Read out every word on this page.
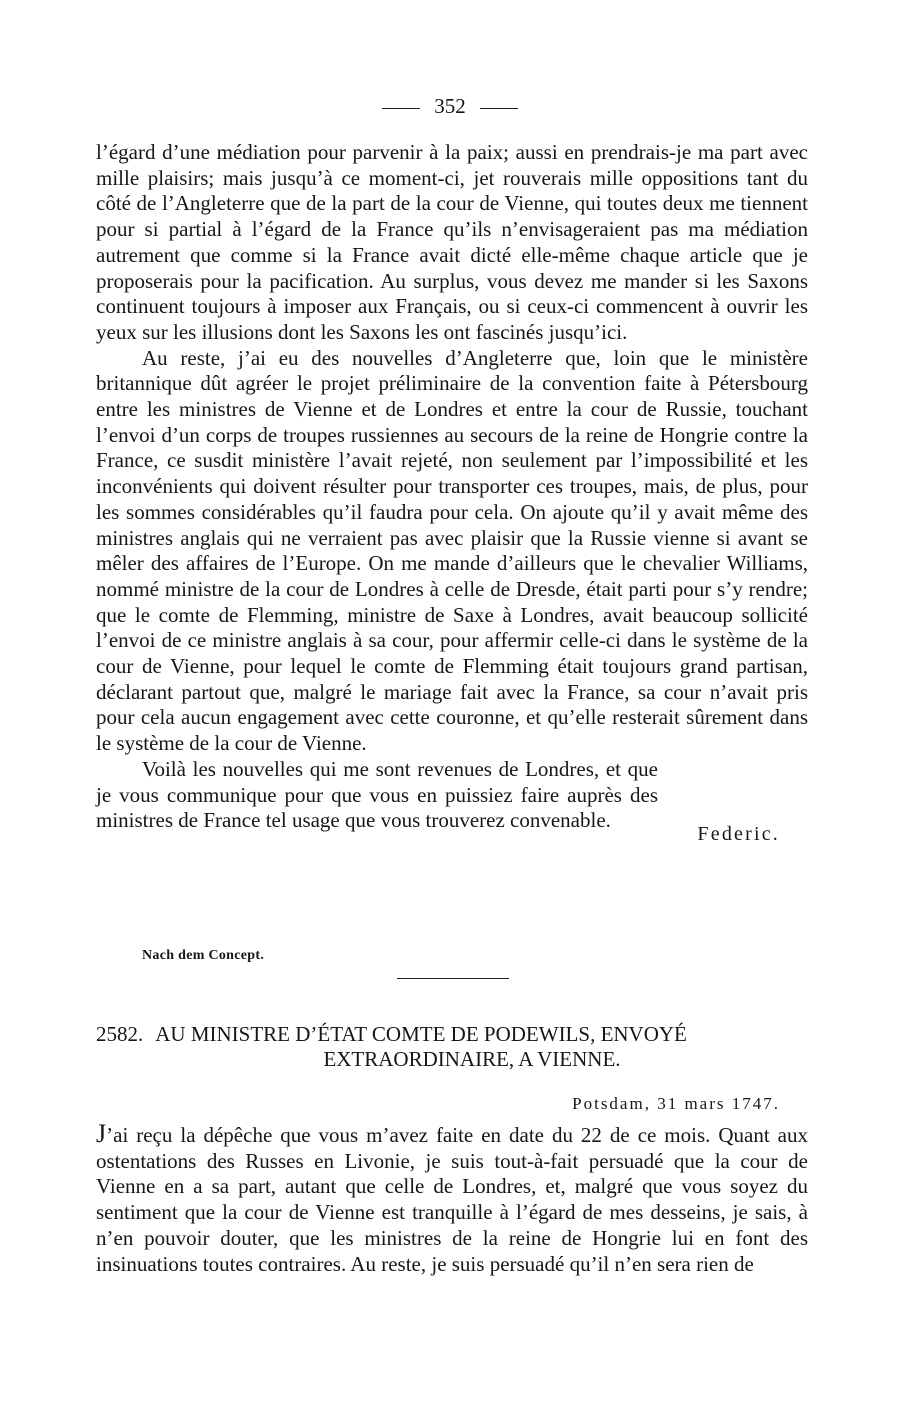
352

l’égard d’une médiation pour parvenir à la paix; aussi en prendrais-je ma part avec mille plaisirs; mais jusqu’à ce moment-ci, jet rouverais mille oppositions tant du côté de l’Angleterre que de la part de la cour de Vienne, qui toutes deux me tiennent pour si partial à l’égard de la France qu’ils n’envisageraient pas ma médiation autrement que comme si la France avait dicté elle-même chaque article que je proposerais pour la pacification. Au surplus, vous devez me mander si les Saxons continuent toujours à imposer aux Français, ou si ceux-ci commencent à ouvrir les yeux sur les illusions dont les Saxons les ont fascinés jusqu’ici.

Au reste, j’ai eu des nouvelles d’Angleterre que, loin que le ministère britannique dût agréer le projet préliminaire de la convention faite à Pétersbourg entre les ministres de Vienne et de Londres et entre la cour de Russie, touchant l’envoi d’un corps de troupes russiennes au secours de la reine de Hongrie contre la France, ce susdit ministère l’avait rejeté, non seulement par l’impossibilité et les inconvénients qui doivent résulter pour transporter ces troupes, mais, de plus, pour les sommes considérables qu’il faudra pour cela. On ajoute qu’il y avait même des ministres anglais qui ne verraient pas avec plaisir que la Russie vienne si avant se mêler des affaires de l’Europe. On me mande d’ailleurs que le chevalier Williams, nommé ministre de la cour de Londres à celle de Dresde, était parti pour s’y rendre; que le comte de Flemming, ministre de Saxe à Londres, avait beaucoup sollicité l’envoi de ce ministre anglais à sa cour, pour affermir celle-ci dans le système de la cour de Vienne, pour lequel le comte de Flemming était toujours grand partisan, déclarant partout que, malgré le mariage fait avec la France, sa cour n’avait pris pour cela aucun engagement avec cette couronne, et qu’elle resterait sûrement dans le système de la cour de Vienne.

Voilà les nouvelles qui me sont revenues de Londres, et que je vous communique pour que vous en puissiez faire auprès des ministres de France tel usage que vous trouverez convenable.

Federic.
Nach dem Concept.
2582. AU MINISTRE D’ÉTAT COMTE DE PODEWILS, ENVOYÉ
EXTRAORDINAIRE, A VIENNE.
Potsdam, 31 mars 1747.

J’ai reçu la dépêche que vous m’avez faite en date du 22 de ce mois. Quant aux ostentations des Russes en Livonie, je suis tout-à-fait persuadé que la cour de Vienne en a sa part, autant que celle de Londres, et, malgré que vous soyez du sentiment que la cour de Vienne est tranquille à l’égard de mes desseins, je sais, à n’en pouvoir douter, que les ministres de la reine de Hongrie lui en font des insinuations toutes contraires. Au reste, je suis persuadé qu’il n’en sera rien de
